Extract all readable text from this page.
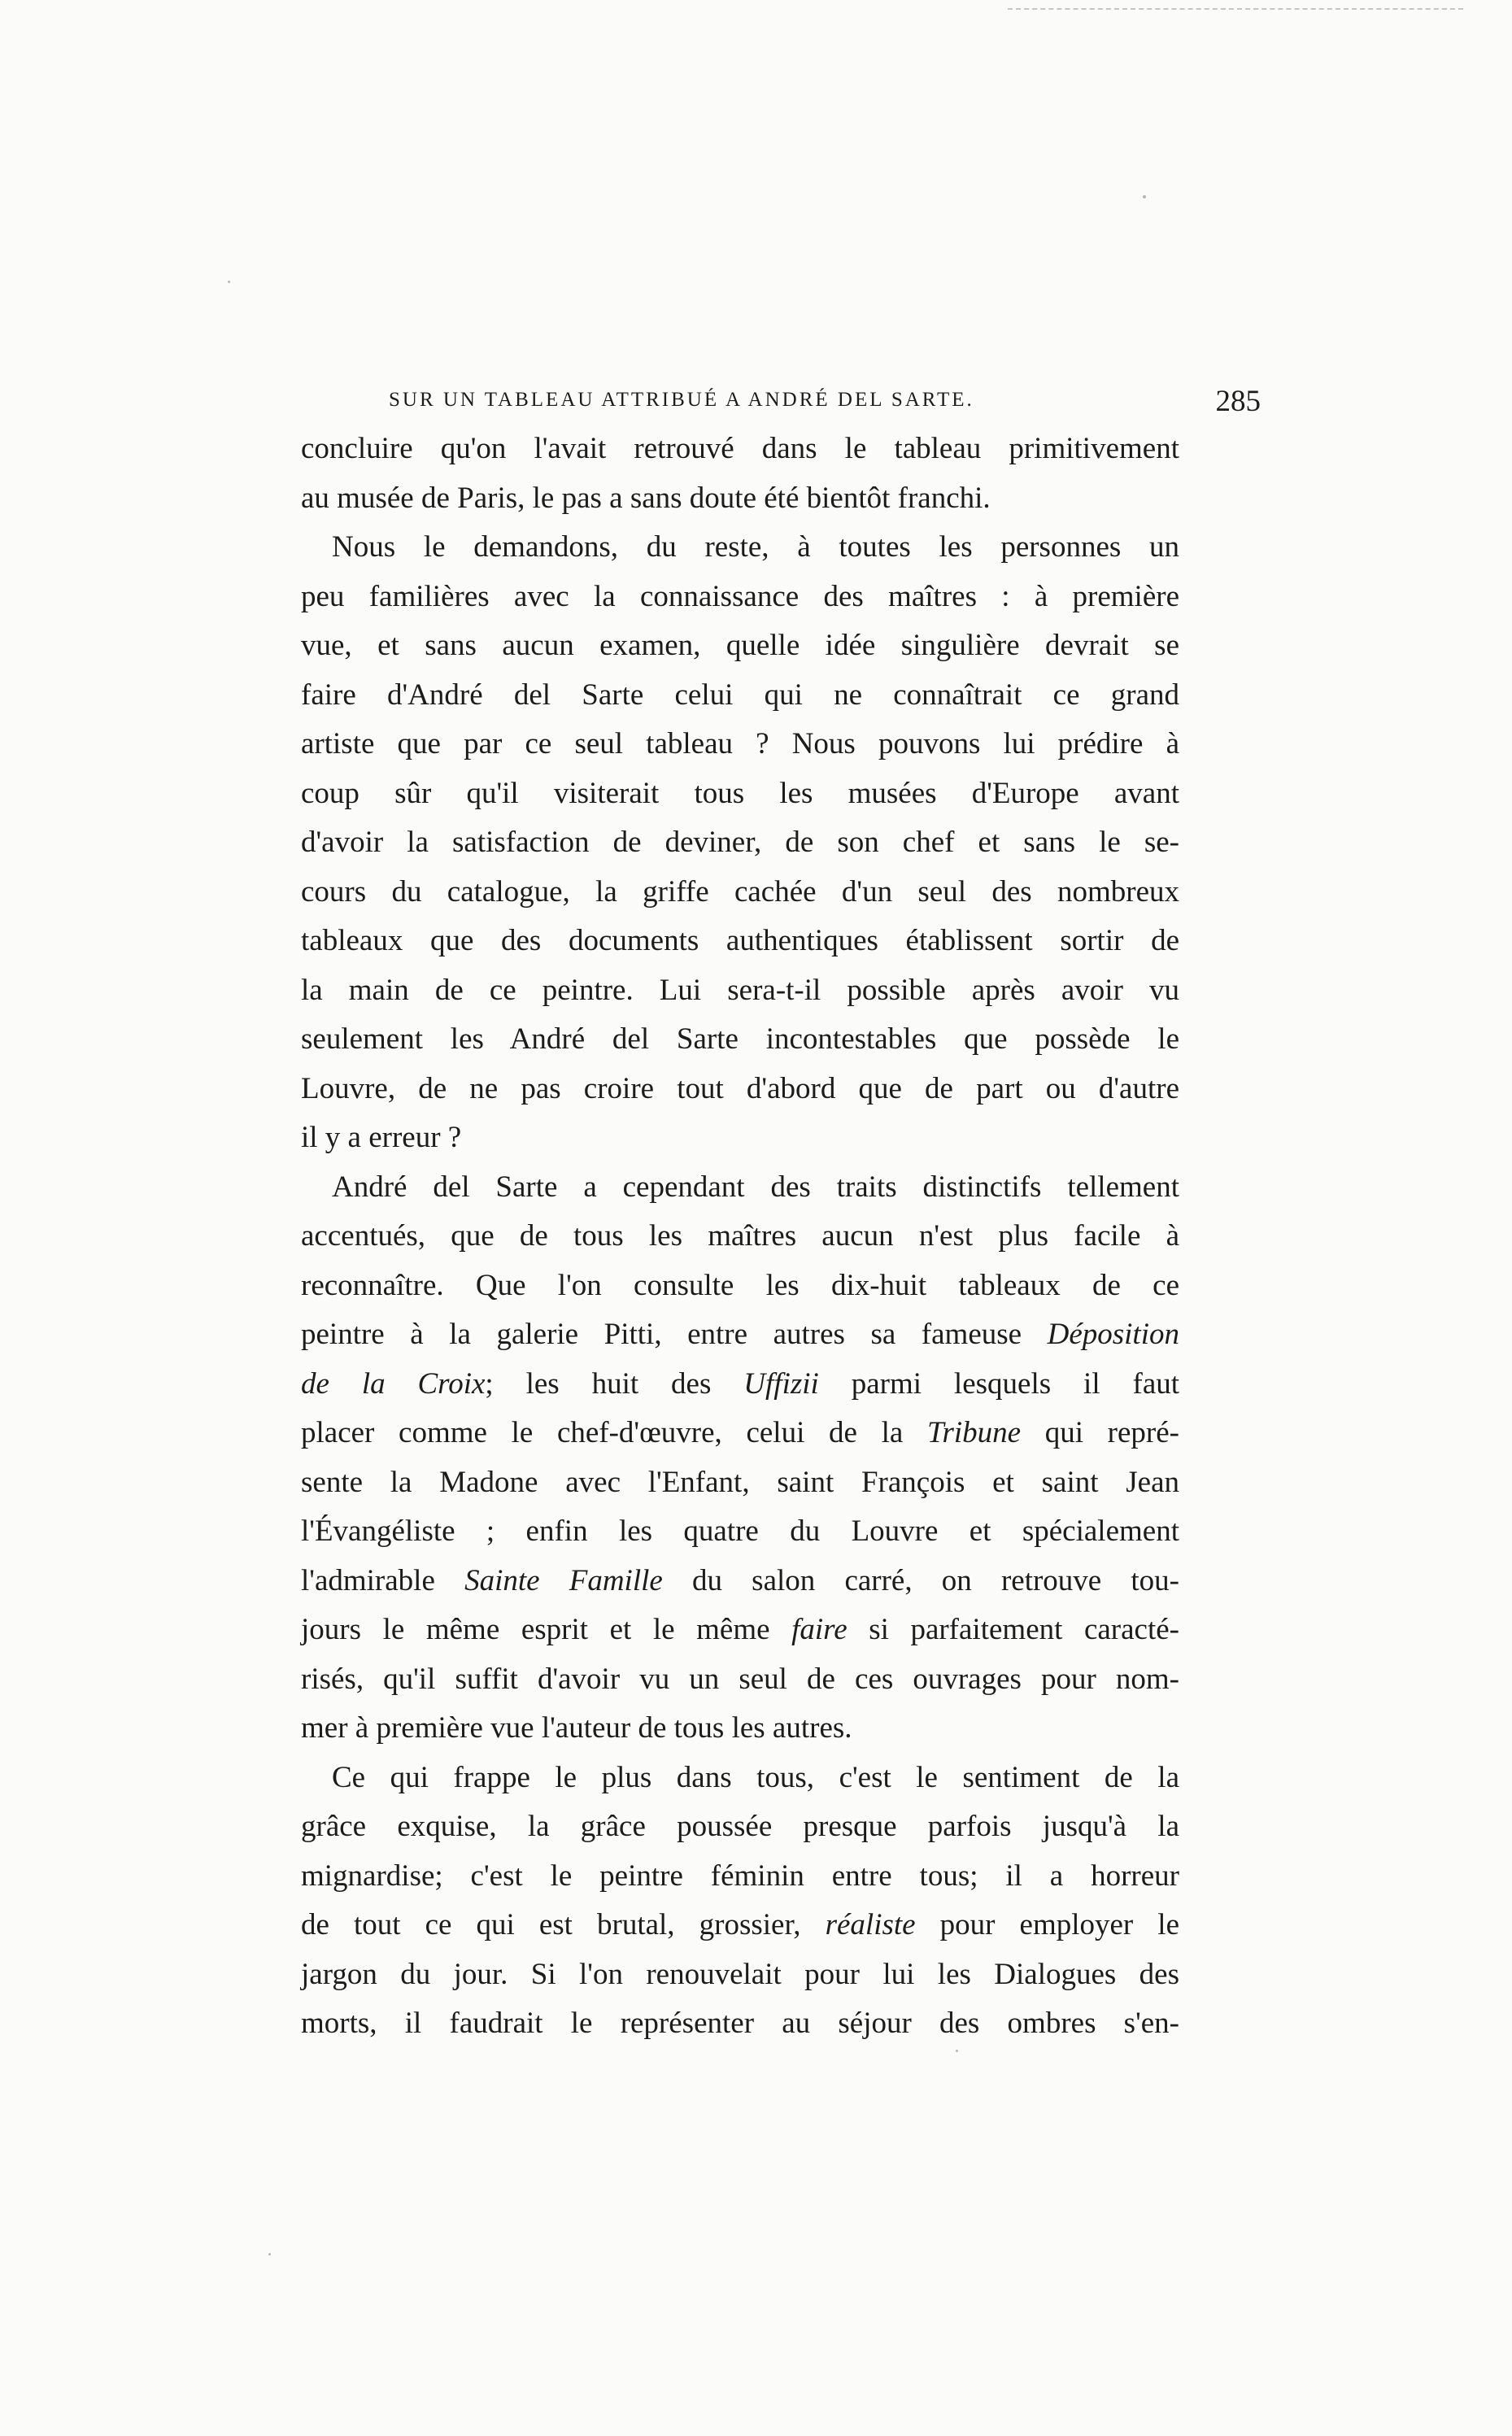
SUR UN TABLEAU ATTRIBUÉ A ANDRÉ DEL SARTE.	285
concluire qu'on l'avait retrouvé dans le tableau primitivement
au musée de Paris, le pas a sans doute été bientôt franchi.
Nous le demandons, du reste, à toutes les personnes un
peu familières avec la connaissance des maîtres : à première
vue, et sans aucun examen, quelle idée singulière devrait se
faire d'André del Sarte celui qui ne connaîtrait ce grand
artiste que par ce seul tableau ? Nous pouvons lui prédire à
coup sûr qu'il visiterait tous les musées d'Europe avant
d'avoir la satisfaction de deviner, de son chef et sans le se-
cours du catalogue, la griffe cachée d'un seul des nombreux
tableaux que des documents authentiques établissent sortir de
la main de ce peintre. Lui sera-t-il possible après avoir vu
seulement les André del Sarte incontestables que possède le
Louvre, de ne pas croire tout d'abord que de part ou d'autre
il y a erreur ?
André del Sarte a cependant des traits distinctifs tellement
accentués, que de tous les maîtres aucun n'est plus facile à
reconnaître. Que l'on consulte les dix-huit tableaux de ce
peintre à la galerie Pitti, entre autres sa fameuse Déposition
de la Croix; les huit des Uffizii parmi lesquels il faut
placer comme le chef-d'œuvre, celui de la Tribune qui repré-
sente la Madone avec l'Enfant, saint François et saint Jean
l'Évangéliste ; enfin les quatre du Louvre et spécialement
l'admirable Sainte Famille du salon carré, on retrouve tou-
jours le même esprit et le même faire si parfaitement caracté-
risés, qu'il suffit d'avoir vu un seul de ces ouvrages pour nom-
mer à première vue l'auteur de tous les autres.
Ce qui frappe le plus dans tous, c'est le sentiment de la
grâce exquise, la grâce poussée presque parfois jusqu'à la
mignardise; c'est le peintre féminin entre tous; il a horreur
de tout ce qui est brutal, grossier, réaliste pour employer le
jargon du jour. Si l'on renouvelait pour lui les Dialogues des
morts, il faudrait le représenter au séjour des ombres s'en-
